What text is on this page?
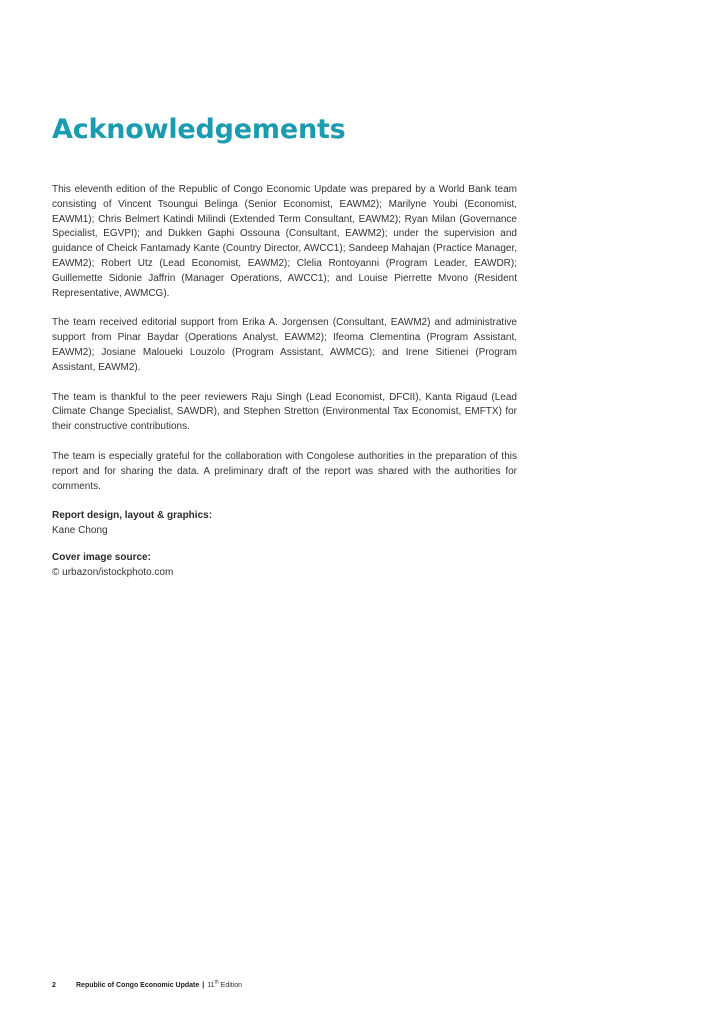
Acknowledgements

This eleventh edition of the Republic of Congo Economic Update was prepared by a World Bank team consisting of Vincent Tsoungui Belinga (Senior Economist, EAWM2); Marilyne Youbi (Economist, EAWM1); Chris Belmert Katindi Milindi (Extended Term Consultant, EAWM2); Ryan Milan (Governance Specialist, EGVPI); and Dukken Gaphi Ossouna (Consultant, EAWM2); under the supervision and guidance of Cheick Fantamady Kante (Country Director, AWCC1); Sandeep Mahajan (Practice Manager, EAWM2); Robert Utz (Lead Economist, EAWM2); Clelia Rontoyanni (Program Leader, EAWDR); Guillemette Sidonie Jaffrin (Manager Operations, AWCC1); and Louise Pierrette Mvono (Resident Representative, AWMCG).

The team received editorial support from Erika A. Jorgensen (Consultant, EAWM2) and administrative support from Pinar Baydar (Operations Analyst, EAWM2); Ifeoma Clementina (Program Assistant, EAWM2); Josiane Maloueki Louzolo (Program Assistant, AWMCG); and Irene Sitienei (Program Assistant, EAWM2).

The team is thankful to the peer reviewers Raju Singh (Lead Economist, DFCII), Kanta Rigaud (Lead Climate Change Specialist, SAWDR), and Stephen Stretton (Environmental Tax Economist, EMFTX) for their constructive contributions.

The team is especially grateful for the collaboration with Congolese authorities in the preparation of this report and for sharing the data. A preliminary draft of the report was shared with the authorities for comments.

Report design, layout & graphics:
Kane Chong
Cover image source:
© urbazon/istockphoto.com
2	Republic of Congo Economic Update | 11th Edition
